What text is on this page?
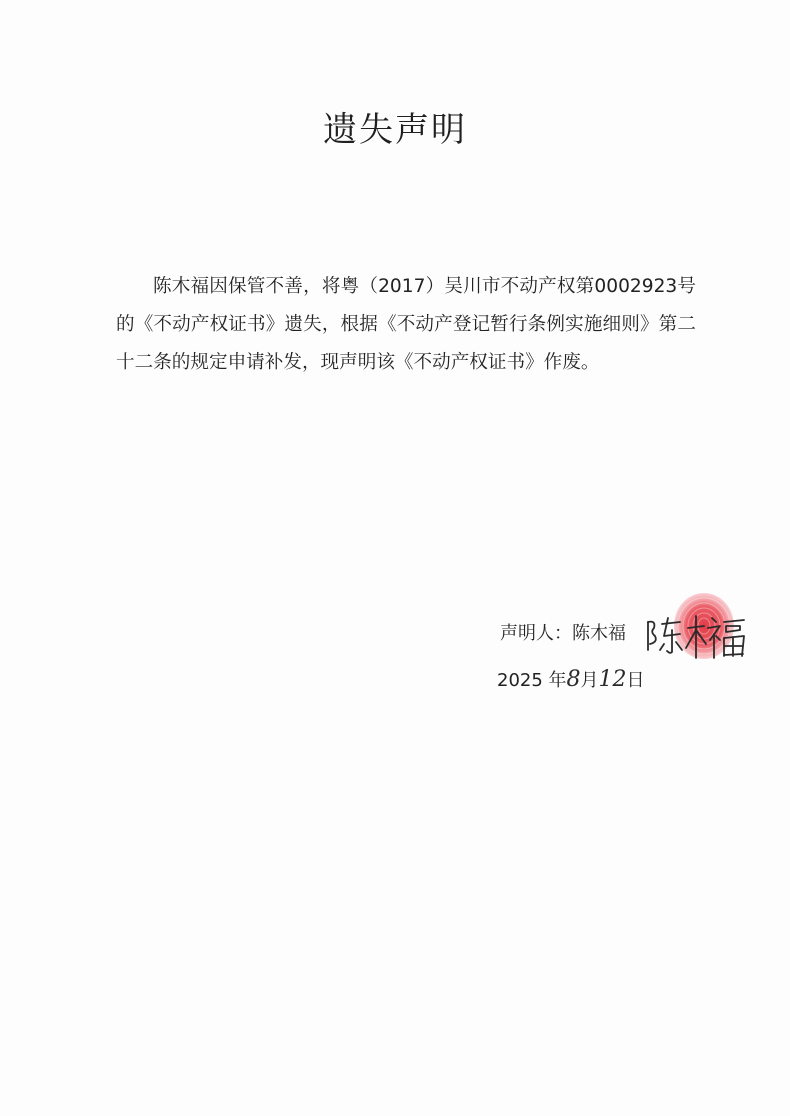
遗失声明

陈木福因保管不善，将粤（2017）吴川市不动产权第0002923号的《不动产权证书》遗失，根据《不动产登记暂行条例实施细则》第二十二条的规定申请补发，现声明该《不动产权证书》作废。

声明人：陈木福
2025 年8月12日
